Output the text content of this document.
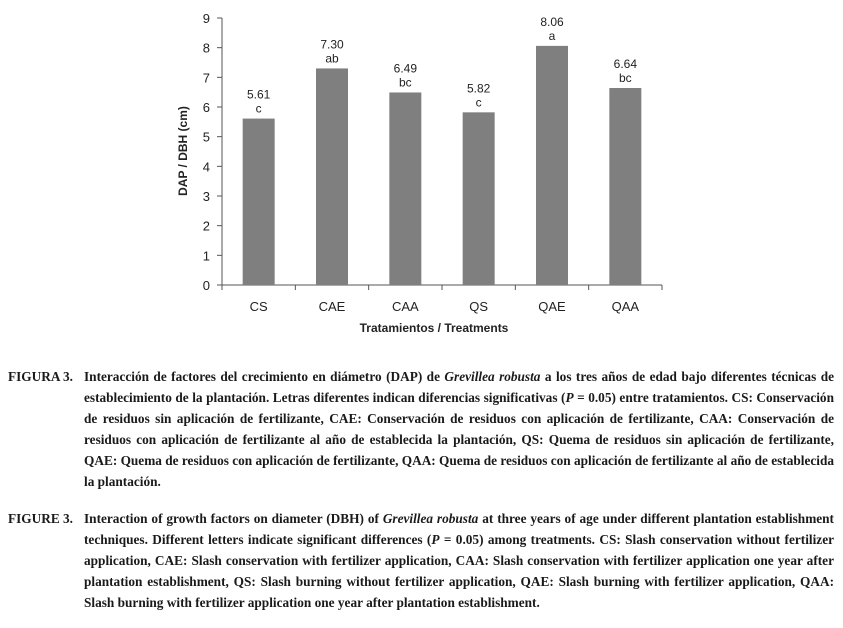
0
1
2
3
4
5
6
7
8
9
5.61
c
7.30
ab
6.49
bc	5.82
c
8.06
a
6.64
bc
CS	CAE	CAA	QS	QAE	QAA
DAP / DBH (cm)
Tratamientos / Treatments
FIGURA 3. Interacción de factores del crecimiento en diámetro (DAP) de Grevillea robusta a los tres años de edad bajo diferentes técnicas de establecimiento de la plantación. Letras diferentes indican diferencias significativas (P = 0.05) entre tratamientos. CS: Conservación de residuos sin aplicación de fertilizante, CAE: Conservación de residuos con aplicación de fertilizante, CAA: Conservación de residuos con aplicación de fertilizante al año de establecida la plantación, QS: Quema de residuos sin aplicación de fertilizante, QAE: Quema de residuos con aplicación de fertilizante, QAA: Quema de residuos con aplicación de fertilizante al año de establecida la plantación.
FIGURE 3. Interaction of growth factors on diameter (DBH) of Grevillea robusta at three years of age under different plantation establishment techniques. Different letters indicate significant differences (P = 0.05) among treatments. CS: Slash conservation without fertilizer application, CAE: Slash conservation with fertilizer application, CAA: Slash conservation with fertilizer application one year after plantation establishment, QS: Slash burning without fertilizer application, QAE: Slash burning with fertilizer application, QAA: Slash burning with fertilizer application one year after plantation establishment.
